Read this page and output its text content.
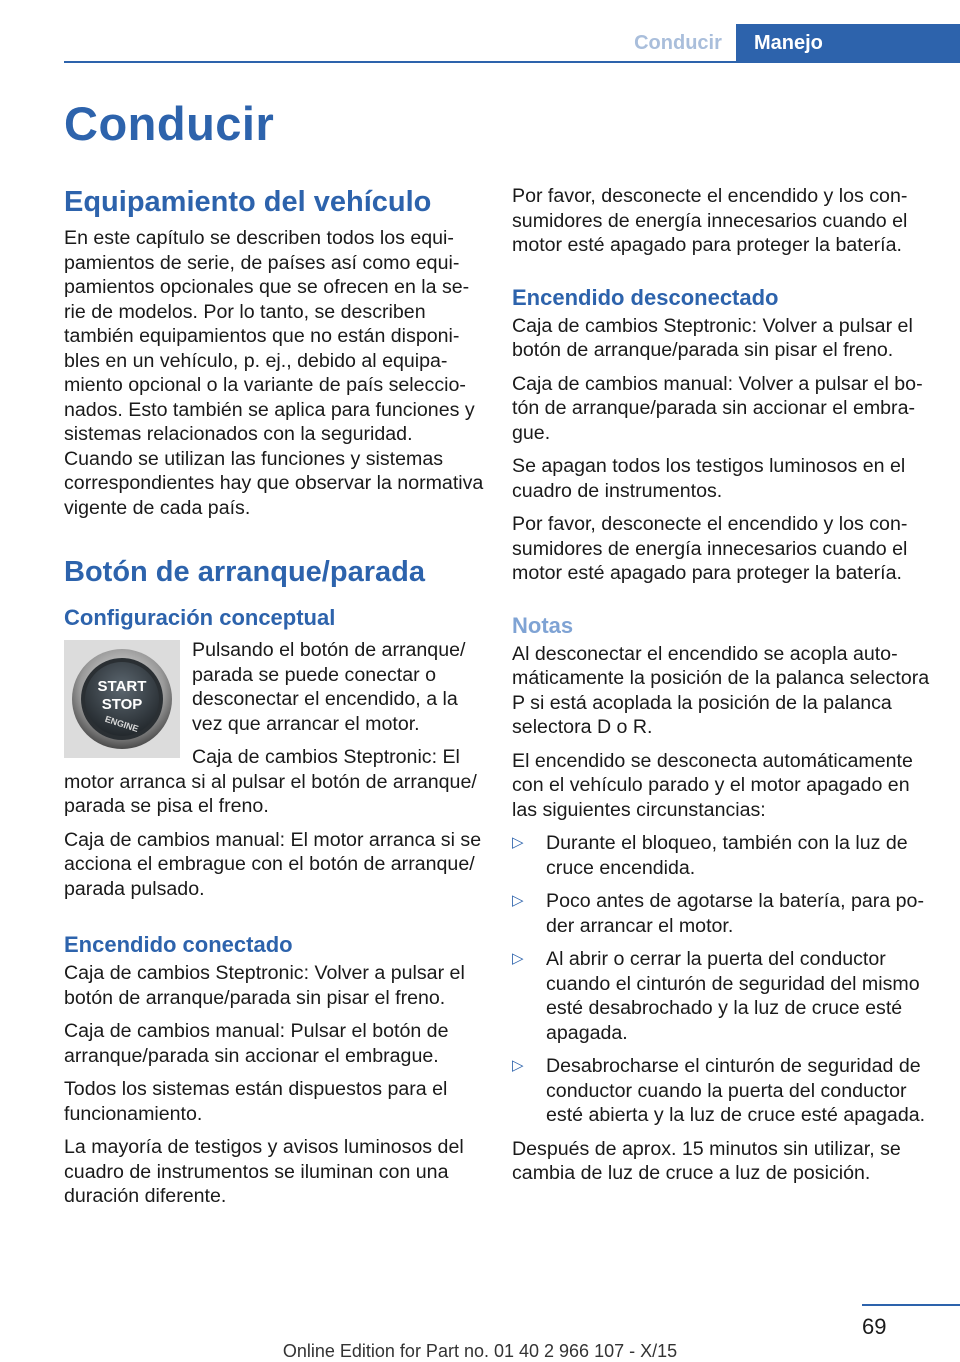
Conducir	Manejo
Conducir
Equipamiento del vehículo

En este capítulo se describen todos los equipamientos de serie, de países así como equipamientos opcionales que se ofrecen en la serie de modelos. Por lo tanto, se describen también equipamientos que no están disponibles en un vehículo, p. ej., debido al equipamiento opcional o la variante de país seleccionados. Esto también se aplica para funciones y sistemas relacionados con la seguridad.

Cuando se utilizan las funciones y sistemas correspondientes hay que observar la normativa vigente de cada país.

Botón de arranque/parada
Configuración conceptual
START
STOP
ENGINE

Pulsando el botón de arranque/ parada se puede conectar o desconectar el encendido, a la vez que arrancar el motor.

Caja de cambios Steptronic: El motor arranca si al pulsar el botón de arranque/ parada se pisa el freno.

Caja de cambios manual: El motor arranca si se acciona el embrague con el botón de arranque/ parada pulsado.

Encendido conectado

Caja de cambios Steptronic: Volver a pulsar el botón de arranque/parada sin pisar el freno.

Caja de cambios manual: Pulsar el botón de arranque/parada sin accionar el embrague.

Todos los sistemas están dispuestos para el funcionamiento.

La mayoría de testigos y avisos luminosos del cuadro de instrumentos se iluminan con una duración diferente.

Por favor, desconecte el encendido y los consumidores de energía innecesarios cuando el motor esté apagado para proteger la batería.

Encendido desconectado

Caja de cambios Steptronic: Volver a pulsar el botón de arranque/parada sin pisar el freno.

Caja de cambios manual: Volver a pulsar el botón de arranque/parada sin accionar el embrague.

Se apagan todos los testigos luminosos en el cuadro de instrumentos.

Por favor, desconecte el encendido y los consumidores de energía innecesarios cuando el motor esté apagado para proteger la batería.

Notas

Al desconectar el encendido se acopla automáticamente la posición de la palanca selectora P si está acoplada la posición de la palanca selectora D o R.

El encendido se desconecta automáticamente con el vehículo parado y el motor apagado en las siguientes circunstancias:

▷ Durante el bloqueo, también con la luz de cruce encendida.
▷ Poco antes de agotarse la batería, para poder arrancar el motor.
▷ Al abrir o cerrar la puerta del conductor cuando el cinturón de seguridad del mismo esté desabrochado y la luz de cruce esté apagada.
▷ Desabrocharse el cinturón de seguridad de conductor cuando la puerta del conductor esté abierta y la luz de cruce esté apagada.

Después de aprox. 15 minutos sin utilizar, se cambia de luz de cruce a luz de posición.

69
Online Edition for Part no. 01 40 2 966 107 - X/15
